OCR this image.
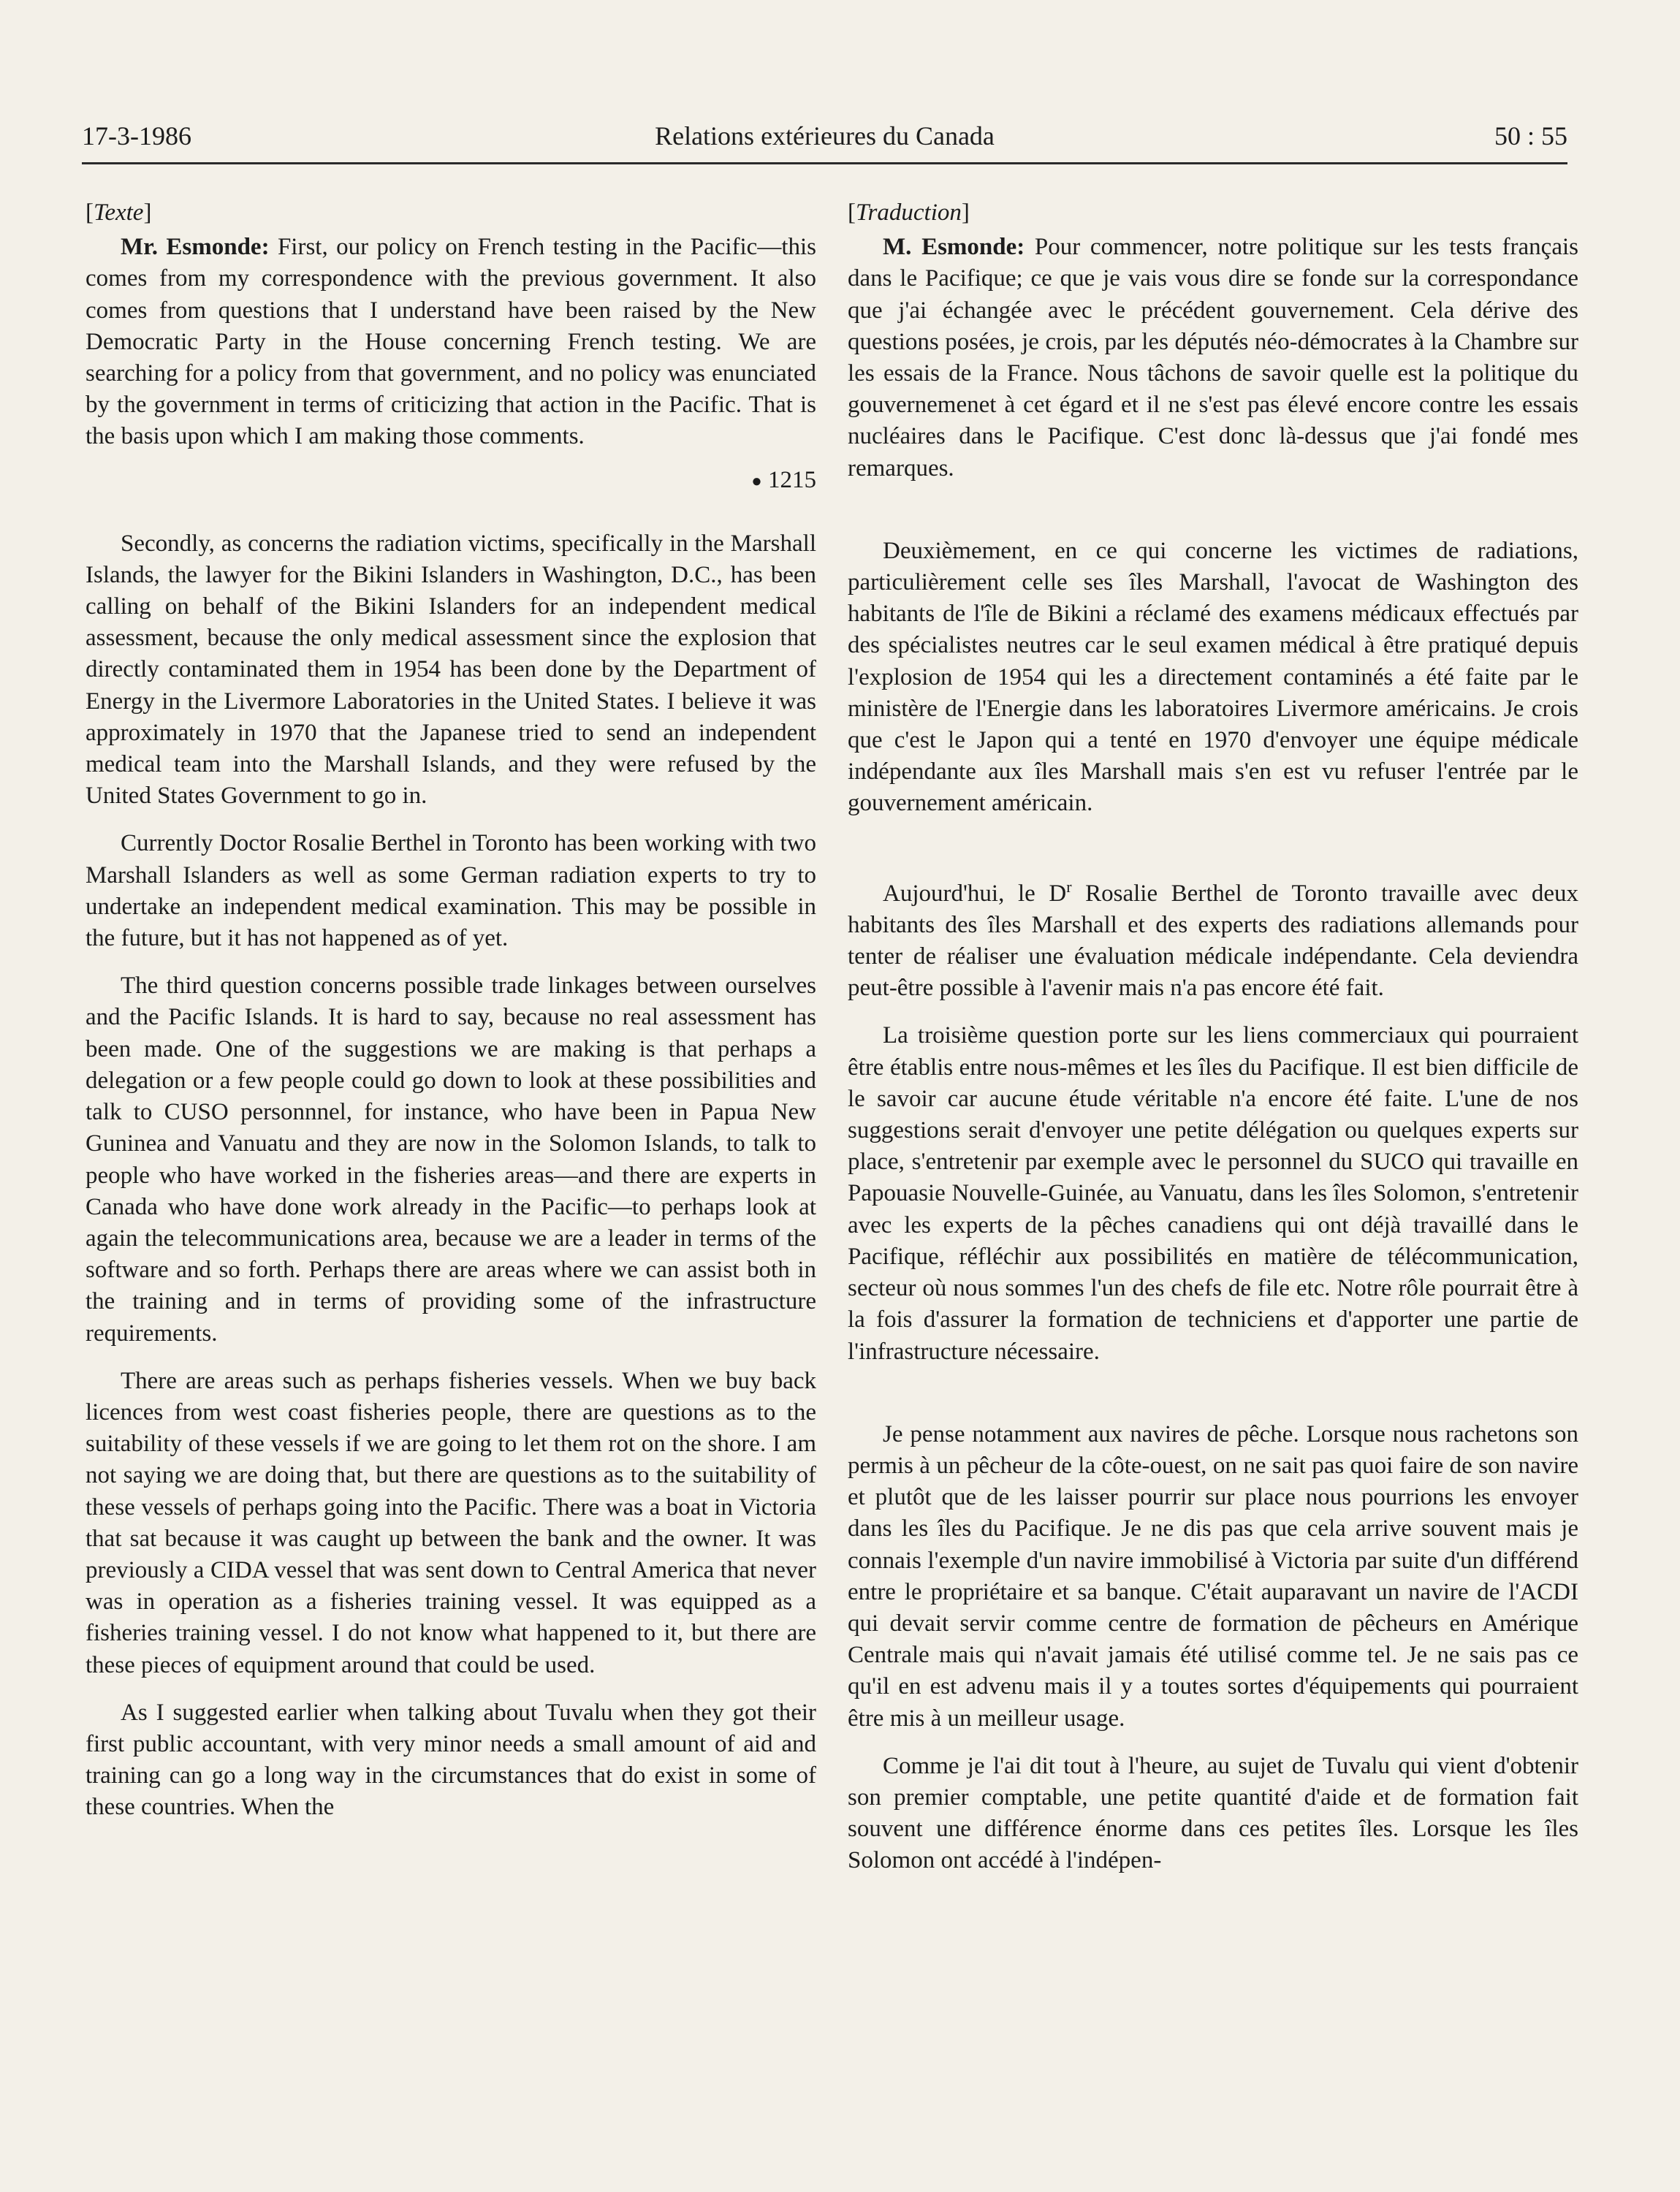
17-3-1986	Relations extérieures du Canada	50 : 55

[Texte]

Mr. Esmonde: First, our policy on French testing in the Pacific—this comes from my correspondence with the previous government. It also comes from questions that I understand have been raised by the New Democratic Party in the House concerning French testing. We are searching for a policy from that government, and no policy was enunciated by the government in terms of criticizing that action in the Pacific. That is the basis upon which I am making those comments.

● 1215

Secondly, as concerns the radiation victims, specifically in the Marshall Islands, the lawyer for the Bikini Islanders in Washington, D.C., has been calling on behalf of the Bikini Islanders for an independent medical assessment, because the only medical assessment since the explosion that directly contaminated them in 1954 has been done by the Department of Energy in the Livermore Laboratories in the United States. I believe it was approximately in 1970 that the Japanese tried to send an independent medical team into the Marshall Islands, and they were refused by the United States Government to go in.

Currently Doctor Rosalie Berthel in Toronto has been working with two Marshall Islanders as well as some German radiation experts to try to undertake an independent medical examination. This may be possible in the future, but it has not happened as of yet.

The third question concerns possible trade linkages between ourselves and the Pacific Islands. It is hard to say, because no real assessment has been made. One of the suggestions we are making is that perhaps a delegation or a few people could go down to look at these possibilities and talk to CUSO personnnel, for instance, who have been in Papua New Guninea and Vanuatu and they are now in the Solomon Islands, to talk to people who have worked in the fisheries areas—and there are experts in Canada who have done work already in the Pacific—to perhaps look at again the telecommunications area, because we are a leader in terms of the software and so forth. Perhaps there are areas where we can assist both in the training and in terms of providing some of the infrastructure requirements.

There are areas such as perhaps fisheries vessels. When we buy back licences from west coast fisheries people, there are questions as to the suitability of these vessels if we are going to let them rot on the shore. I am not saying we are doing that, but there are questions as to the suitability of these vessels of perhaps going into the Pacific. There was a boat in Victoria that sat because it was caught up between the bank and the owner. It was previously a CIDA vessel that was sent down to Central America that never was in operation as a fisheries training vessel. It was equipped as a fisheries training vessel. I do not know what happened to it, but there are these pieces of equipment around that could be used.

As I suggested earlier when talking about Tuvalu when they got their first public accountant, with very minor needs a small amount of aid and training can go a long way in the circumstances that do exist in some of these countries. When the

[Traduction]

M. Esmonde: Pour commencer, notre politique sur les tests français dans le Pacifique; ce que je vais vous dire se fonde sur la correspondance que j'ai échangée avec le précédent gouvernement. Cela dérive des questions posées, je crois, par les députés néo-démocrates à la Chambre sur les essais de la France. Nous tâchons de savoir quelle est la politique du gouvernemenet à cet égard et il ne s'est pas élevé encore contre les essais nucléaires dans le Pacifique. C'est donc là-dessus que j'ai fondé mes remarques.

Deuxièmement, en ce qui concerne les victimes de radiations, particulièrement celle ses îles Marshall, l'avocat de Washington des habitants de l'île de Bikini a réclamé des examens médicaux effectués par des spécialistes neutres car le seul examen médical à être pratiqué depuis l'explosion de 1954 qui les a directement contaminés a été faite par le ministère de l'Energie dans les laboratoires Livermore américains. Je crois que c'est le Japon qui a tenté en 1970 d'envoyer une équipe médicale indépendante aux îles Marshall mais s'en est vu refuser l'entrée par le gouvernement américain.

Aujourd'hui, le $D^r$ Rosalie Berthel de Toronto travaille avec deux habitants des îles Marshall et des experts des radiations allemands pour tenter de réaliser une évaluation médicale indépendante. Cela deviendra peut-être possible à l'avenir mais n'a pas encore été fait.

La troisième question porte sur les liens commerciaux qui pourraient être établis entre nous-mêmes et les îles du Pacifique. Il est bien difficile de le savoir car aucune étude véritable n'a encore été faite. L'une de nos suggestions serait d'envoyer une petite délégation ou quelques experts sur place, s'entretenir par exemple avec le personnel du SUCO qui travaille en Papouasie Nouvelle-Guinée, au Vanuatu, dans les îles Solomon, s'entretenir avec les experts de la pêches canadiens qui ont déjà travaillé dans le Pacifique, réfléchir aux possibilités en matière de télécommunication, secteur où nous sommes l'un des chefs de file etc. Notre rôle pourrait être à la fois d'assurer la formation de techniciens et d'apporter une partie de l'infrastructure nécessaire.

Je pense notamment aux navires de pêche. Lorsque nous rachetons son permis à un pêcheur de la côte-ouest, on ne sait pas quoi faire de son navire et plutôt que de les laisser pourrir sur place nous pourrions les envoyer dans les îles du Pacifique. Je ne dis pas que cela arrive souvent mais je connais l'exemple d'un navire immobilisé à Victoria par suite d'un différend entre le propriétaire et sa banque. C'était auparavant un navire de l'ACDI qui devait servir comme centre de formation de pêcheurs en Amérique Centrale mais qui n'avait jamais été utilisé comme tel. Je ne sais pas ce qu'il en est advenu mais il y a toutes sortes d'équipements qui pourraient être mis à un meilleur usage.

Comme je l'ai dit tout à l'heure, au sujet de Tuvalu qui vient d'obtenir son premier comptable, une petite quantité d'aide et de formation fait souvent une différence énorme dans ces petites îles. Lorsque les îles Solomon ont accédé à l'indépen-
